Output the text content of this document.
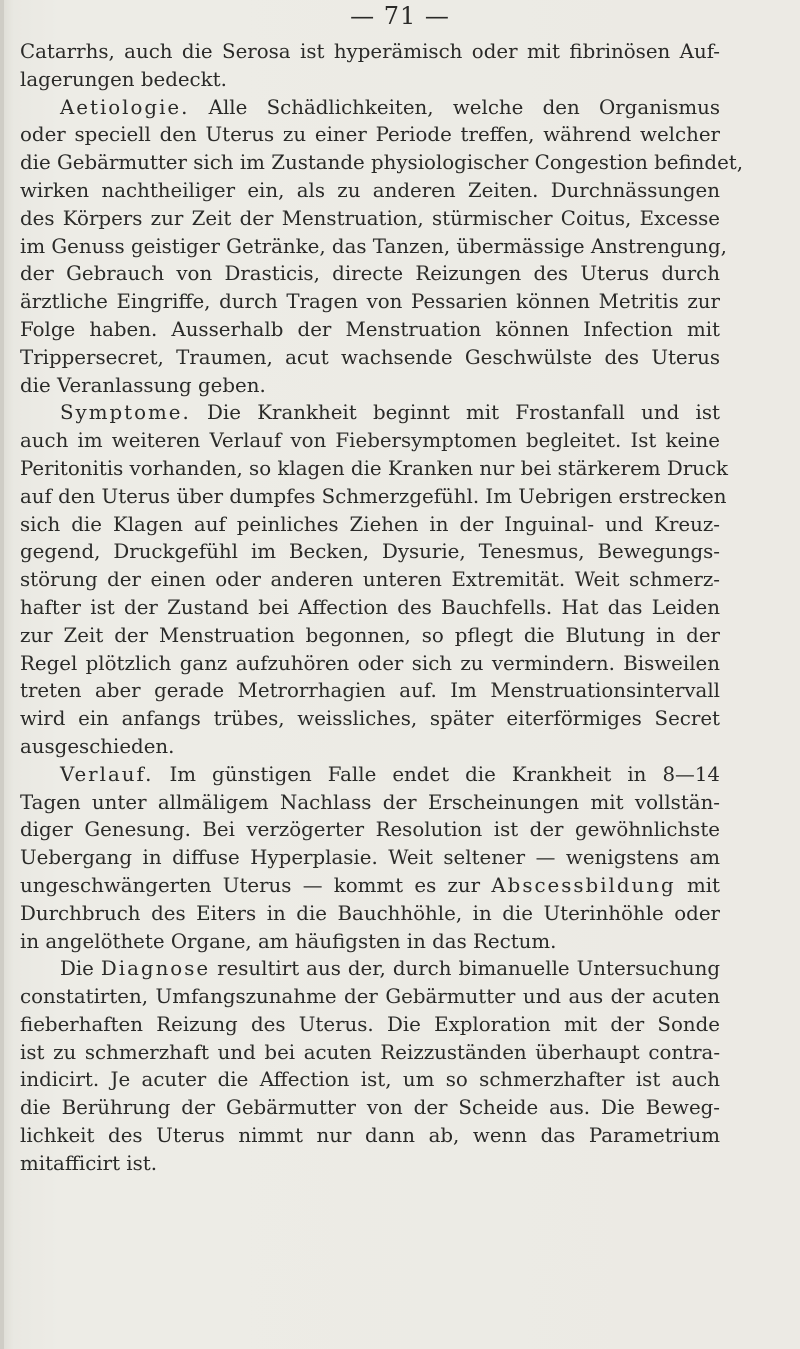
— 71 —
Catarrhs, auch die Serosa ist hyperämisch oder mit fibrinösen Auf-
lagerungen bedeckt.
Aetiologie. Alle Schädlichkeiten, welche den Organismus
oder speciell den Uterus zu einer Periode treffen, während welcher
die Gebärmutter sich im Zustande physiologischer Congestion befindet,
wirken nachtheiliger ein, als zu anderen Zeiten. Durchnässungen
des Körpers zur Zeit der Menstruation, stürmischer Coitus, Excesse
im Genuss geistiger Getränke, das Tanzen, übermässige Anstrengung,
der Gebrauch von Drasticis, directe Reizungen des Uterus durch
ärztliche Eingriffe, durch Tragen von Pessarien können Metritis zur
Folge haben. Ausserhalb der Menstruation können Infection mit
Trippersecret, Traumen, acut wachsende Geschwülste des Uterus
die Veranlassung geben.
Symptome. Die Krankheit beginnt mit Frostanfall und ist
auch im weiteren Verlauf von Fiebersymptomen begleitet. Ist keine
Peritonitis vorhanden, so klagen die Kranken nur bei stärkerem Druck
auf den Uterus über dumpfes Schmerzgefühl. Im Uebrigen erstrecken
sich die Klagen auf peinliches Ziehen in der Inguinal- und Kreuz-
gegend, Druckgefühl im Becken, Dysurie, Tenesmus, Bewegungs-
störung der einen oder anderen unteren Extremität. Weit schmerz-
hafter ist der Zustand bei Affection des Bauchfells. Hat das Leiden
zur Zeit der Menstruation begonnen, so pflegt die Blutung in der
Regel plötzlich ganz aufzuhören oder sich zu vermindern. Bisweilen
treten aber gerade Metrorrhagien auf. Im Menstruationsintervall
wird ein anfangs trübes, weissliches, später eiterförmiges Secret
ausgeschieden.
Verlauf. Im günstigen Falle endet die Krankheit in 8—14
Tagen unter allmäligem Nachlass der Erscheinungen mit vollstän-
diger Genesung. Bei verzögerter Resolution ist der gewöhnlichste
Uebergang in diffuse Hyperplasie. Weit seltener — wenigstens am
ungeschwängerten Uterus — kommt es zur Abscessbildung mit
Durchbruch des Eiters in die Bauchhöhle, in die Uterinhöhle oder
in angelöthete Organe, am häufigsten in das Rectum.
Die Diagnose resultirt aus der, durch bimanuelle Untersuchung
constatirten, Umfangszunahme der Gebärmutter und aus der acuten
fieberhaften Reizung des Uterus. Die Exploration mit der Sonde
ist zu schmerzhaft und bei acuten Reizzuständen überhaupt contra-
indicirt. Je acuter die Affection ist, um so schmerzhafter ist auch
die Berührung der Gebärmutter von der Scheide aus. Die Beweg-
lichkeit des Uterus nimmt nur dann ab, wenn das Parametrium
mitafficirt ist.
